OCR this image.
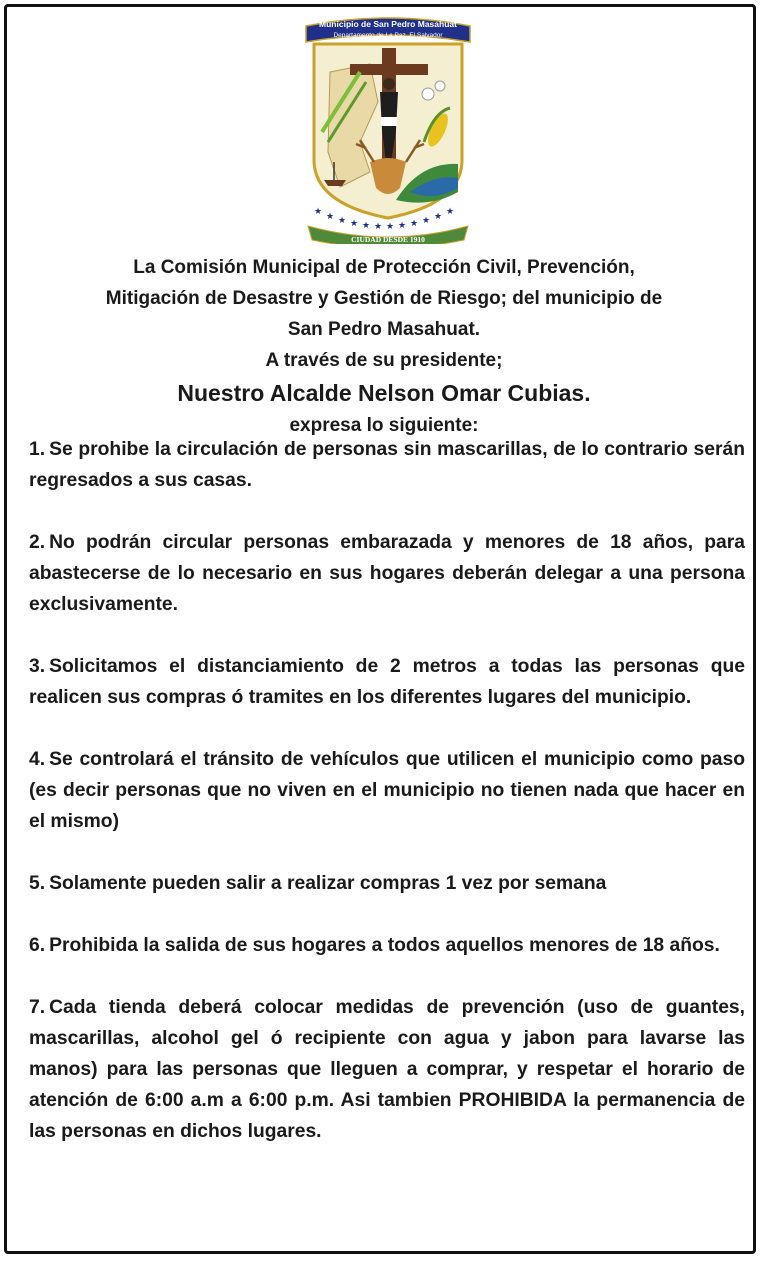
Municipio de San Pedro Masahuat
Departamento de La Paz, El Salvador
★ ★ ★ ★ ★ ★ ★ ★ ★ ★ ★ ★
CIUDAD DESDE 1910
La Comisión Municipal de Protección Civil, Prevención,
Mitigación de Desastre y Gestión de Riesgo; del municipio de
San Pedro Masahuat.
A través de su presidente;
Nuestro Alcalde Nelson Omar Cubias.
expresa lo siguiente:
1. Se prohibe la circulación de personas sin mascarillas, de lo contrario serán regresados a sus casas.
2. No podrán circular personas embarazada y menores de 18 años, para abastecerse de lo necesario en sus hogares deberán delegar a una persona exclusivamente.
3. Solicitamos el distanciamiento de 2 metros a todas las personas que realicen sus compras ó tramites en los diferentes lugares del municipio.
4. Se controlará el tránsito de vehículos que utilicen el municipio como paso (es decir personas que no viven en el municipio no tienen nada que hacer en el mismo)
5. Solamente pueden salir a realizar compras 1 vez por semana
6. Prohibida la salida de sus hogares a todos aquellos menores de 18 años.
7. Cada tienda deberá colocar medidas de prevención (uso de guantes, mascarillas, alcohol gel ó recipiente con agua y jabon para lavarse las manos) para las personas que lleguen a comprar, y respetar el horario de atención de 6:00 a.m a 6:00 p.m. Asi tambien PROHIBIDA la permanencia de las personas en dichos lugares.
